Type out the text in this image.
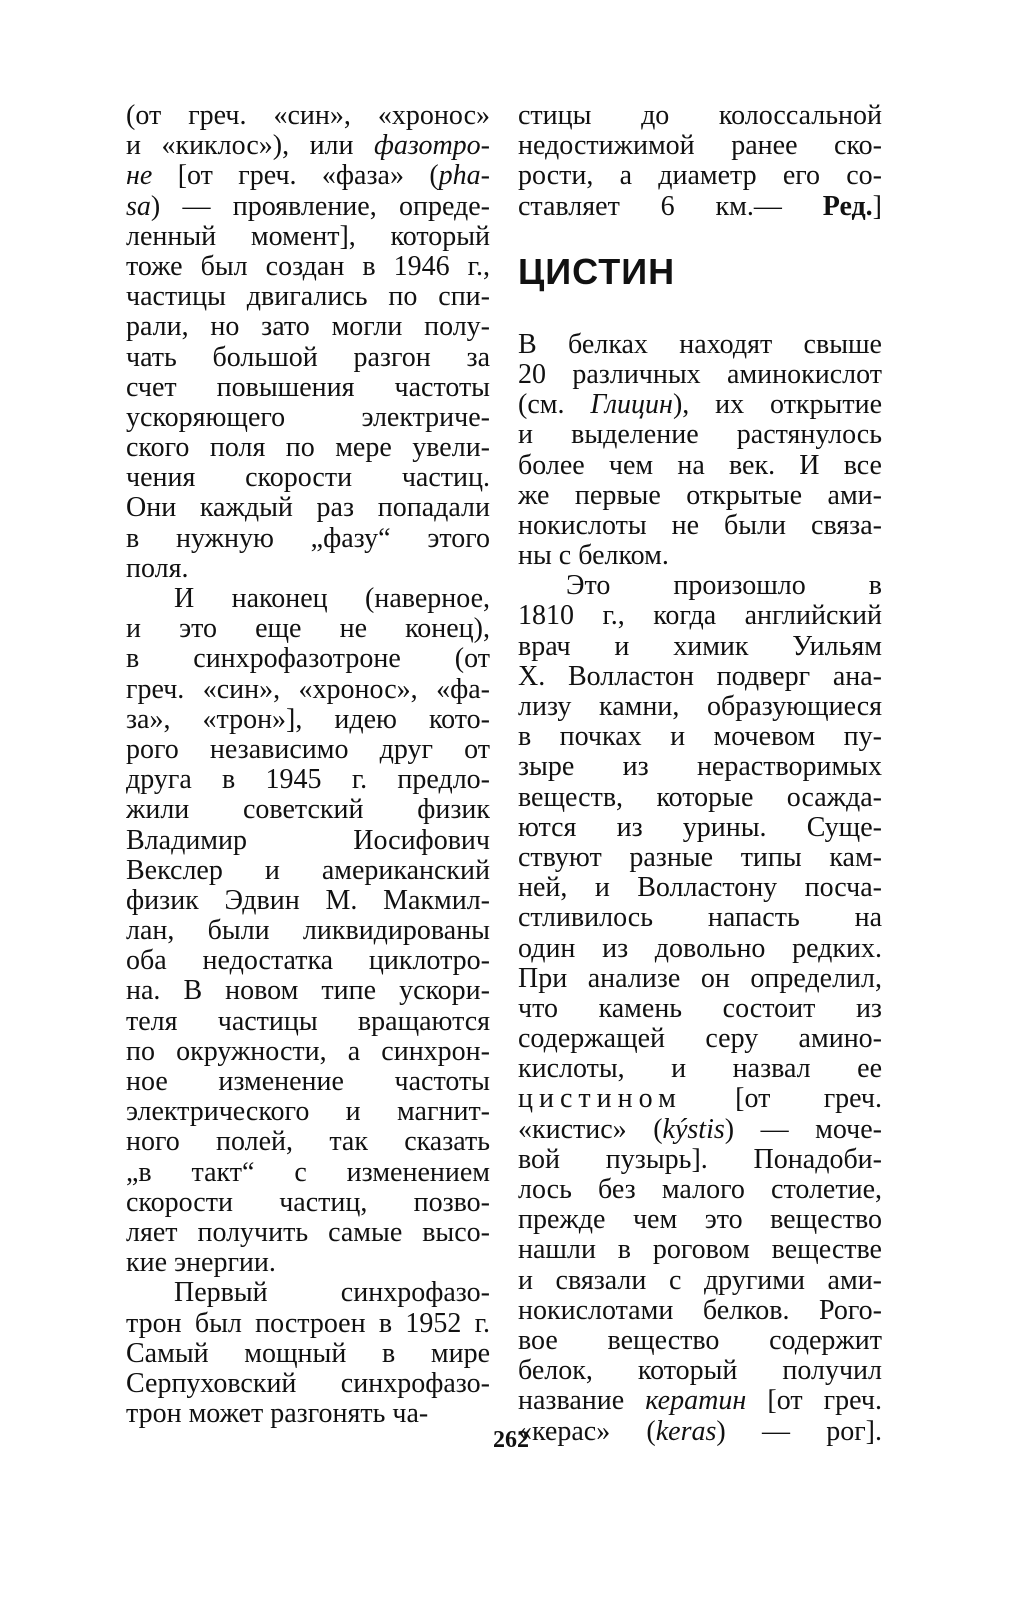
(от греч. «син», «хронос»
и «киклос»), или фазотро-
не [от греч. «фаза» (pha-
sa) — проявление, опреде-
ленный момент], который
тоже был создан в 1946 г.,
частицы двигались по спи-
рали, но зато могли полу-
чать большой разгон за
счет повышения частоты
ускоряющего электриче-
ского поля по мере увели-
чения скорости частиц.
Они каждый раз попадали
в нужную „фазу“ этого
поля.
И наконец (наверное,
и это еще не конец),
в синхрофазотроне (от
греч. «син», «хронос», «фа-
за», «трон»], идею кото-
рого независимо друг от
друга в 1945 г. предло-
жили советский физик
Владимир Иосифович
Векслер и американский
физик Эдвин М. Макмил-
лан, были ликвидированы
оба недостатка циклотро-
на. В новом типе ускори-
теля частицы вращаются
по окружности, а синхрон-
ное изменение частоты
электрического и магнит-
ного полей, так сказать
„в такт“ с изменением
скорости частиц, позво-
ляет получить самые высо-
кие энергии.
Первый синхрофазо-
трон был построен в 1952 г.
Самый мощный в мире
Серпуховский синхрофазо-
трон может разгонять ча-
стицы до колоссальной
недостижимой ранее ско-
рости, а диаметр его со-
ставляет 6 км.— Ред.]
ЦИСТИН
В белках находят свыше
20 различных аминокислот
(см. Глицин), их открытие
и выделение растянулось
более чем на век. И все
же первые открытые ами-
нокислоты не были связа-
ны с белком.
Это произошло в
1810 г., когда английский
врач и химик Уильям
Х. Волластон подверг ана-
лизу камни, образующиеся
в почках и мочевом пу-
зыре из нерастворимых
веществ, которые осажда-
ются из урины. Суще-
ствуют разные типы кам-
ней, и Волластону посча-
стливилось напасть на
один из довольно редких.
При анализе он определил,
что камень состоит из
содержащей серу амино-
кислоты, и назвал ее
цистином [от греч.
«кистис» (kýstis) — моче-
вой пузырь]. Понадоби-
лось без малого столетие,
прежде чем это вещество
нашли в роговом веществе
и связали с другими ами-
нокислотами белков. Рого-
вое вещество содержит
белок, который получил
название кератин [от греч.
«керас» (keras) — рог].
262
